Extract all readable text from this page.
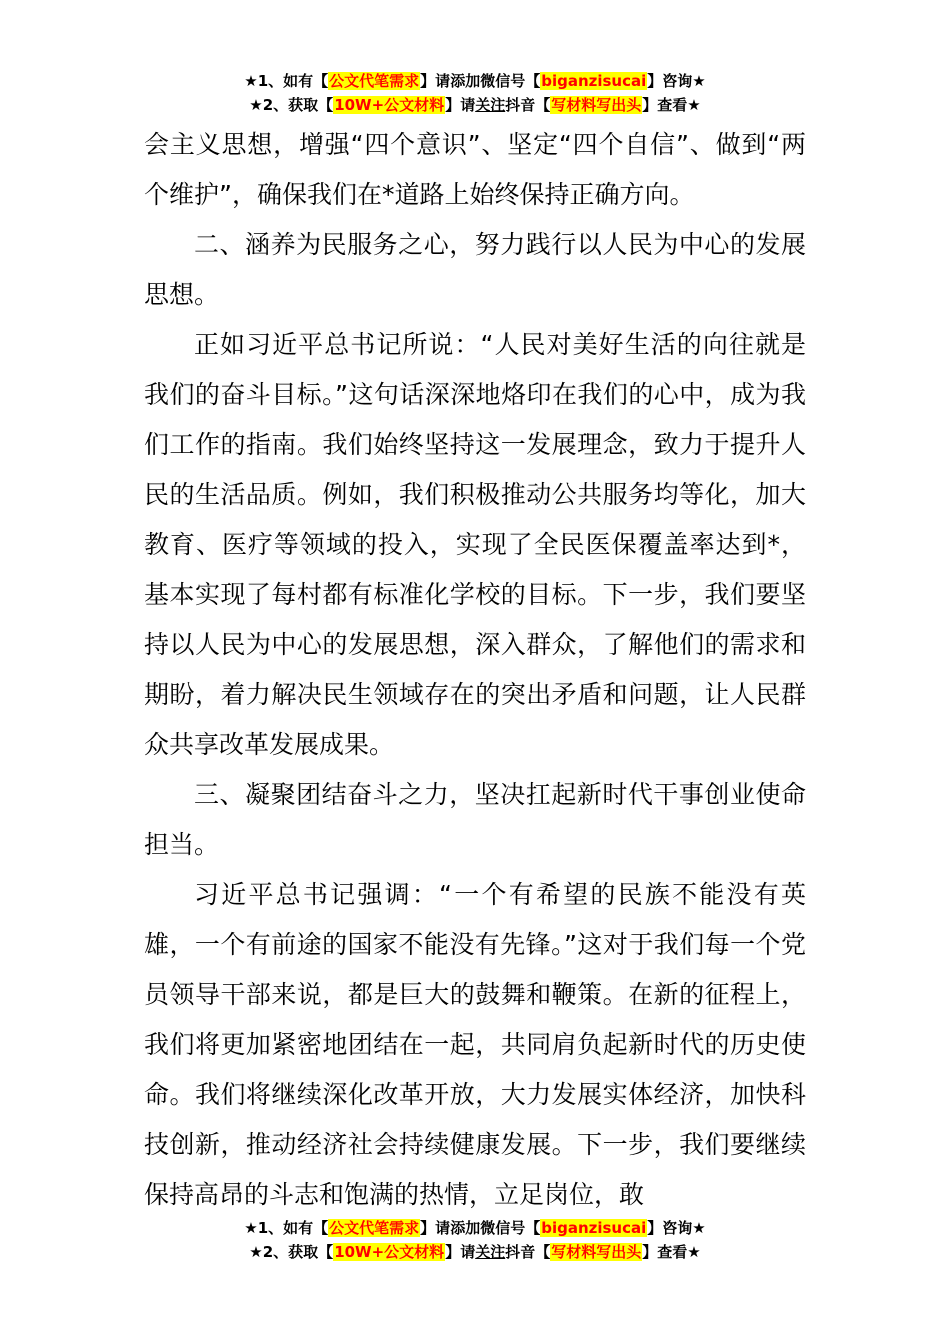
★1、如有【公文代笔需求】请添加微信号【biganzisucai】咨询★
★2、获取【10W+公文材料】请关注抖音【写材料写出头】查看★

会主义思想，增强“四个意识”、坚定“四个自信”、做到“两个维护”，确保我们在*道路上始终保持正确方向。

二、涵养为民服务之心，努力践行以人民为中心的发展思想。

正如习近平总书记所说：“人民对美好生活的向往就是我们的奋斗目标。”这句话深深地烙印在我们的心中，成为我们工作的指南。我们始终坚持这一发展理念，致力于提升人民的生活品质。例如，我们积极推动公共服务均等化，加大教育、医疗等领域的投入，实现了全民医保覆盖率达到*，基本实现了每村都有标准化学校的目标。下一步，我们要坚持以人民为中心的发展思想，深入群众，了解他们的需求和期盼，着力解决民生领域存在的突出矛盾和问题，让人民群众共享改革发展成果。

三、凝聚团结奋斗之力，坚决扛起新时代干事创业使命担当。

习近平总书记强调：“一个有希望的民族不能没有英雄，一个有前途的国家不能没有先锋。”这对于我们每一个党员领导干部来说，都是巨大的鼓舞和鞭策。在新的征程上，我们将更加紧密地团结在一起，共同肩负起新时代的历史使命。我们将继续深化改革开放，大力发展实体经济，加快科技创新，推动经济社会持续健康发展。下一步，我们要继续保持高昂的斗志和饱满的热情，立足岗位，敢

★1、如有【公文代笔需求】请添加微信号【biganzisucai】咨询★
★2、获取【10W+公文材料】请关注抖音【写材料写出头】查看★
